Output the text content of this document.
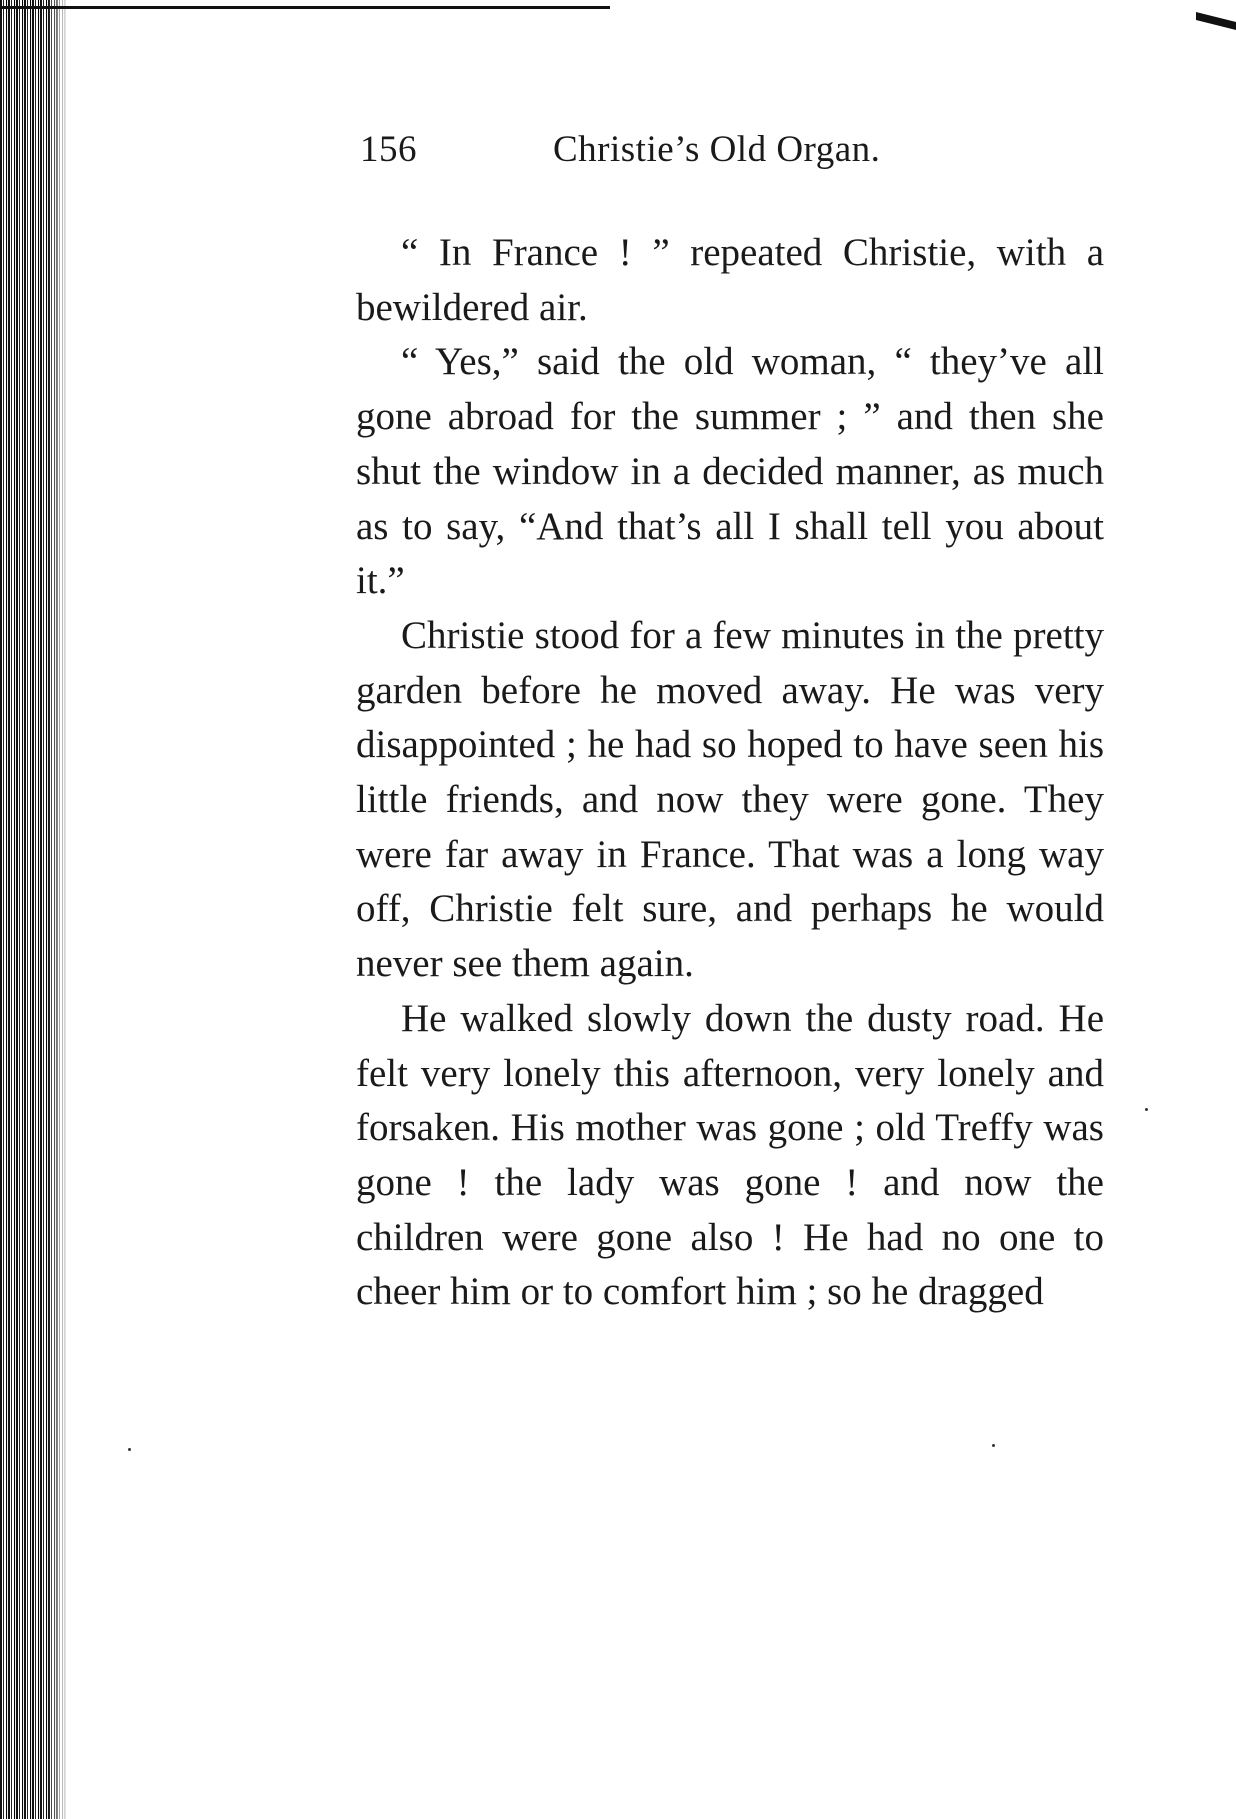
156	Christie’s Old Organ.

“ In France ! ” repeated Christie, with a bewildered air.

“ Yes,” said the old woman, “ they’ve all gone abroad for the summer ; ” and then she shut the window in a decided manner, as much as to say, “And that’s all I shall tell you about it.”

Christie stood for a few minutes in the pretty garden before he moved away. He was very disappointed ; he had so hoped to have seen his little friends, and now they were gone. They were far away in France. That was a long way off, Christie felt sure, and perhaps he would never see them again.

He walked slowly down the dusty road. He felt very lonely this afternoon, very lonely and forsaken. His mother was gone ; old Treffy was gone ! the lady was gone ! and now the children were gone also ! He had no one to cheer him or to comfort him ; so he dragged
